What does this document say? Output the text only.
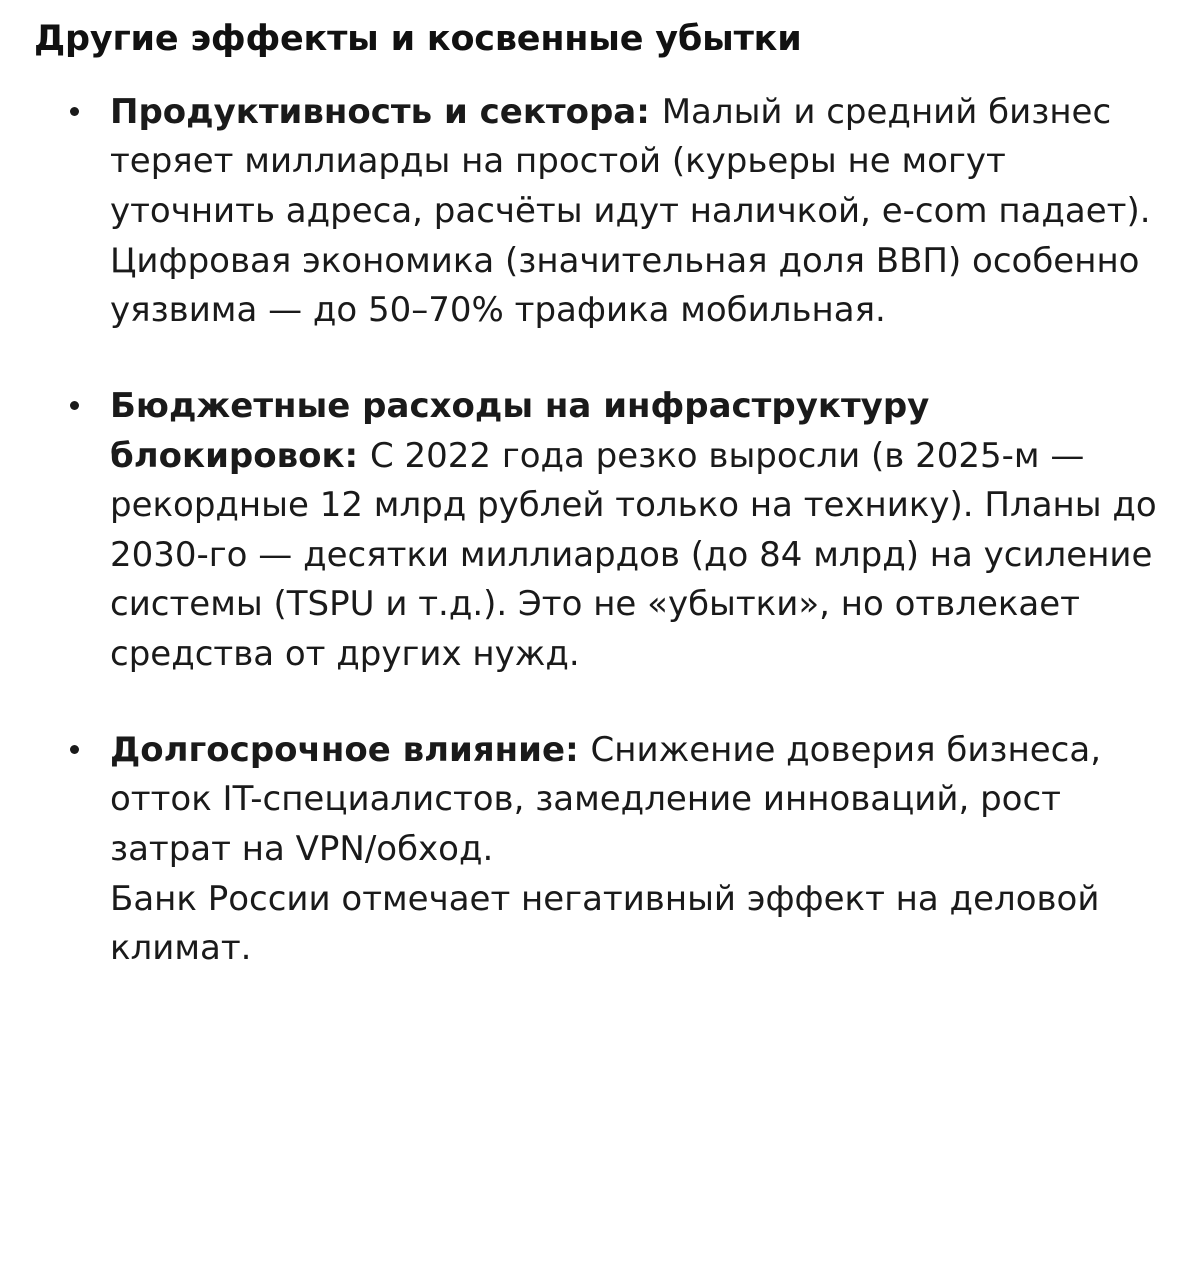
Другие эффекты и косвенные убытки
Продуктивность и сектора: Малый и средний бизнес теряет миллиарды на простой (курьеры не могут уточнить адреса, расчёты идут наличкой, e-com падает). Цифровая экономика (значительная доля ВВП) особенно уязвима — до 50–70% трафика мобильная.
Бюджетные расходы на инфраструктуру блокировок: С 2022 года резко выросли (в 2025-м — рекордные 12 млрд рублей только на технику). Планы до 2030-го — десятки миллиардов (до 84 млрд) на усиление системы (TSPU и т.д.). Это не «убытки», но отвлекает средства от других нужд.
Долгосрочное влияние: Снижение доверия бизнеса, отток IT-специалистов, замедление инноваций, рост затрат на VPN/обход.
Банк России отмечает негативный эффект на деловой климат.
